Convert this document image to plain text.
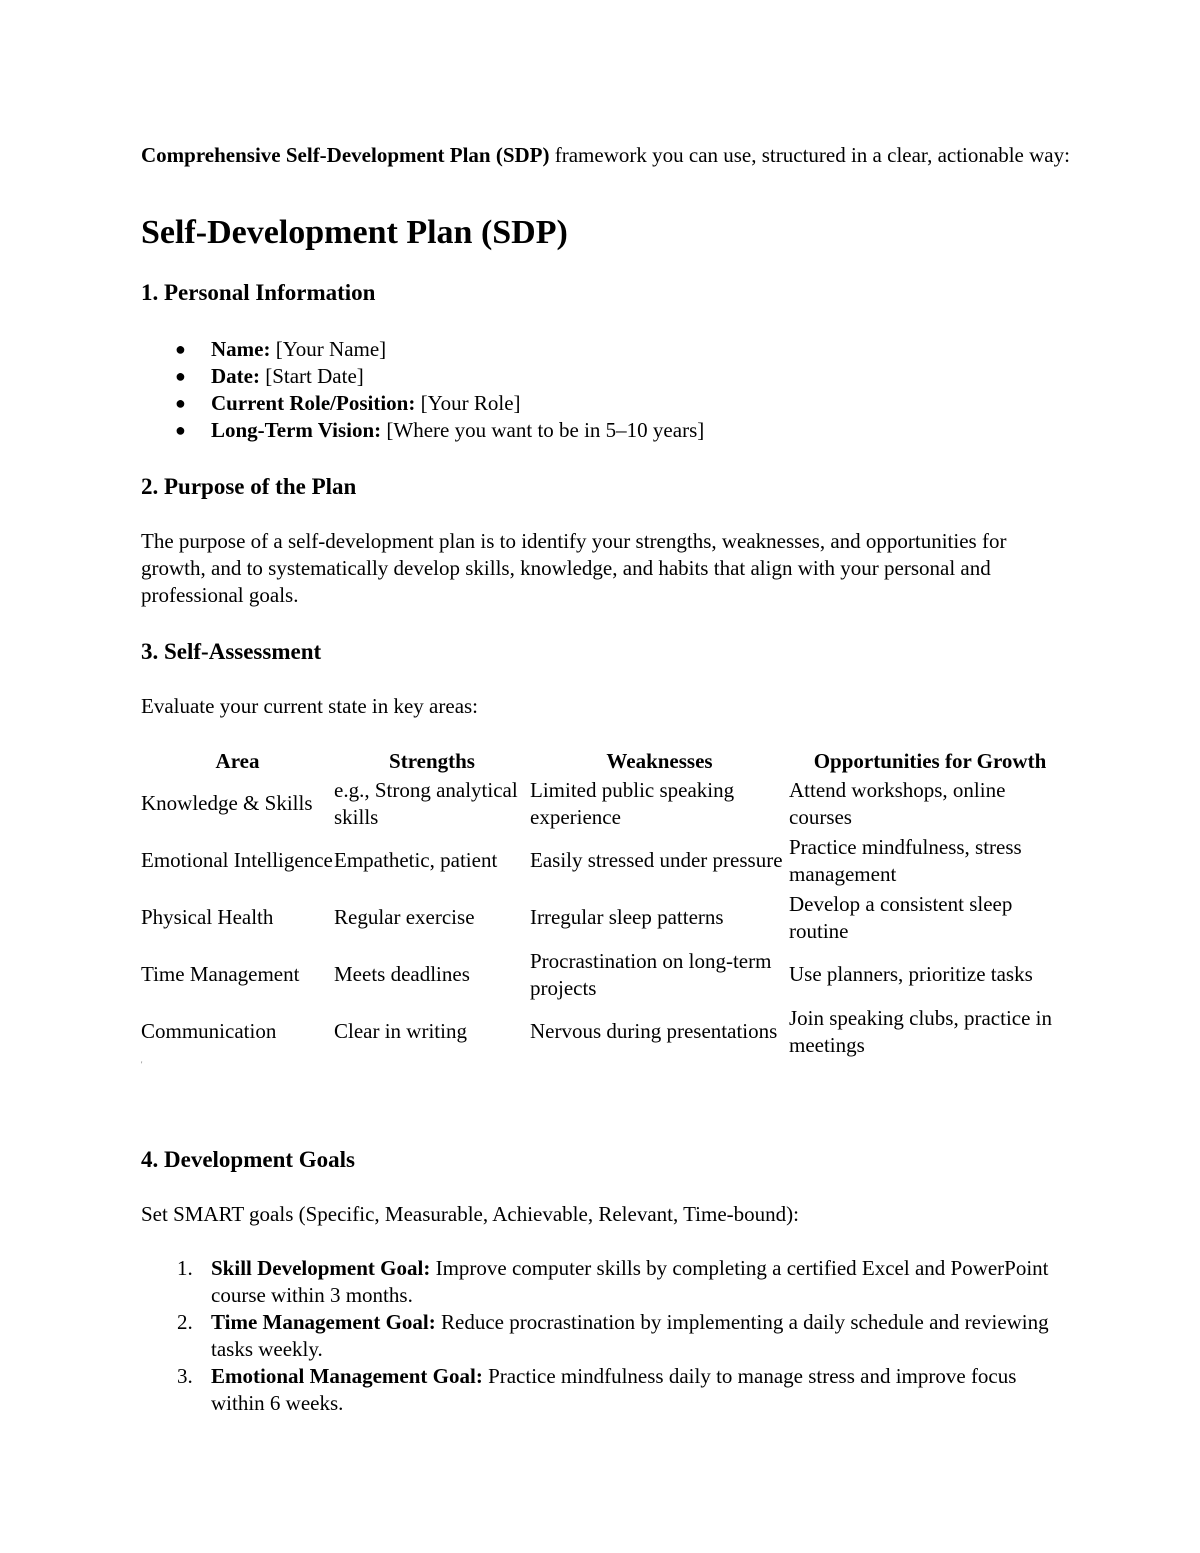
Comprehensive Self-Development Plan (SDP) framework you can use, structured in a clear, actionable way:

Self-Development Plan (SDP)
1. Personal Information
● Name: [Your Name]
● Date: [Start Date]
● Current Role/Position: [Your Role]
● Long-Term Vision: [Where you want to be in 5–10 years]
2. Purpose of the Plan

The purpose of a self-development plan is to identify your strengths, weaknesses, and opportunities for growth, and to systematically develop skills, knowledge, and habits that align with your personal and professional goals.

3. Self-Assessment

Evaluate your current state in key areas:

Area	Strengths	Weaknesses	Opportunities for Growth
Knowledge & Skills	e.g., Strong analytical skills	Limited public speaking experience	Attend workshops, online courses
Emotional Intelligence	Empathetic, patient	Easily stressed under pressure	Practice mindfulness, stress management
Physical Health	Regular exercise	Irregular sleep patterns	Develop a consistent sleep routine
Time Management	Meets deadlines	Procrastination on long-term projects	Use planners, prioritize tasks
Communication	Clear in writing	Nervous during presentations	Join speaking clubs, practice in meetings
'
4. Development Goals

Set SMART goals (Specific, Measurable, Achievable, Relevant, Time-bound):

1. Skill Development Goal: Improve computer skills by completing a certified Excel and PowerPoint course within 3 months.
2. Time Management Goal: Reduce procrastination by implementing a daily schedule and reviewing tasks weekly.
3. Emotional Management Goal: Practice mindfulness daily to manage stress and improve focus within 6 weeks.
